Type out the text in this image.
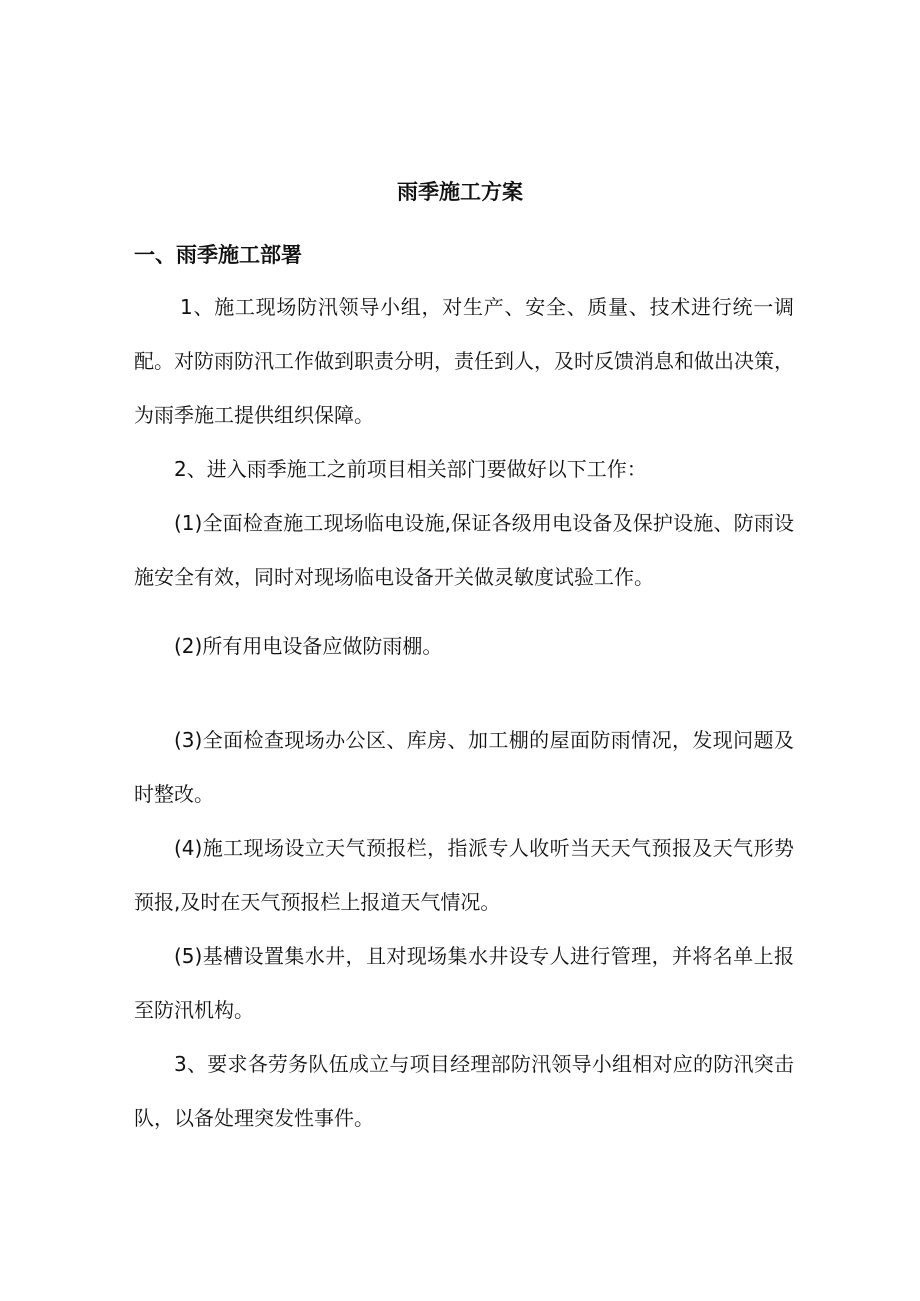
雨季施工方案
一、雨季施工部署

1、施工现场防汛领导小组，对生产、安全、质量、技术进行统一调配。对防雨防汛工作做到职责分明，责任到人，及时反馈消息和做出决策，为雨季施工提供组织保障。

2、进入雨季施工之前项目相关部门要做好以下工作：

(1)全面检查施工现场临电设施,保证各级用电设备及保护设施、防雨设施安全有效，同时对现场临电设备开关做灵敏度试验工作。

(2)所有用电设备应做防雨棚。

(3)全面检查现场办公区、库房、加工棚的屋面防雨情况，发现问题及时整改。

(4)施工现场设立天气预报栏，指派专人收听当天天气预报及天气形势预报,及时在天气预报栏上报道天气情况。

(5)基槽设置集水井，且对现场集水井设专人进行管理，并将名单上报至防汛机构。

3、要求各劳务队伍成立与项目经理部防汛领导小组相对应的防汛突击队，以备处理突发性事件。
